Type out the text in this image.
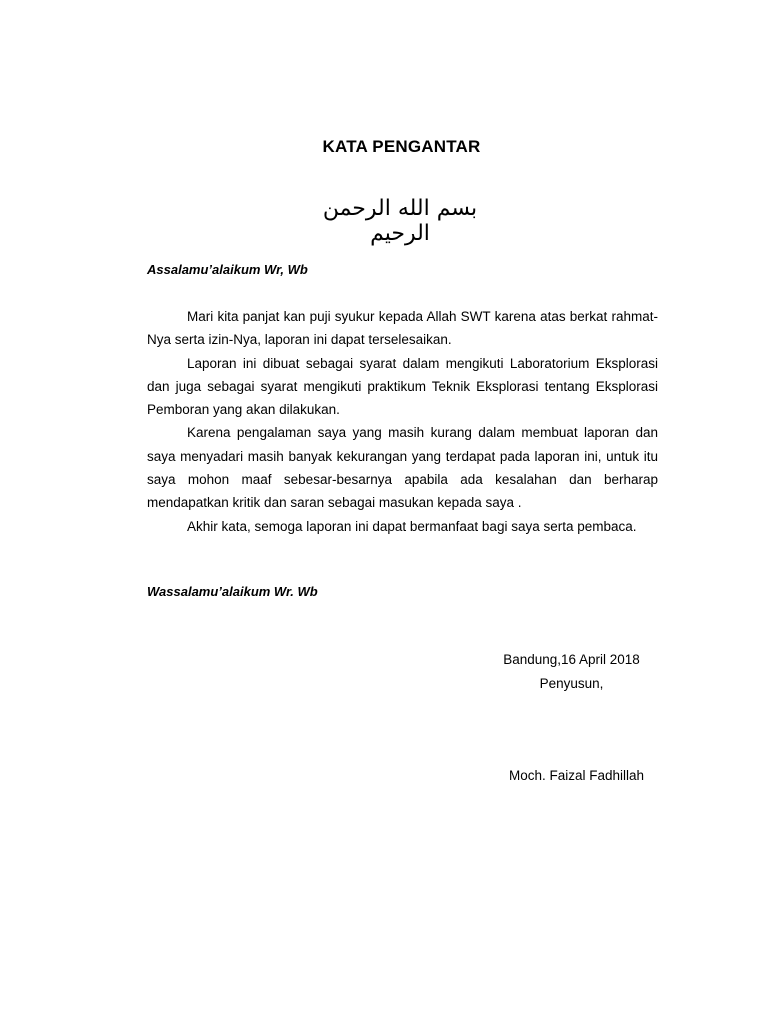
KATA PENGANTAR
بسم الله الرحمن الرحيم
Assalamu’alaikum Wr, Wb

Mari kita panjat kan puji syukur kepada Allah SWT karena atas berkat rahmat-Nya serta izin-Nya, laporan ini dapat terselesaikan.

Laporan ini dibuat sebagai syarat dalam mengikuti Laboratorium Eksplorasi dan juga sebagai syarat mengikuti praktikum Teknik Eksplorasi tentang Eksplorasi Pemboran yang akan dilakukan.

Karena pengalaman saya yang masih kurang dalam membuat laporan dan saya menyadari masih banyak kekurangan yang terdapat pada laporan ini, untuk itu saya mohon maaf sebesar-besarnya apabila ada kesalahan dan berharap mendapatkan kritik dan saran sebagai masukan kepada saya .

Akhir kata, semoga laporan ini dapat bermanfaat bagi saya serta pembaca.

Wassalamu’alaikum Wr. Wb
Bandung,16 April 2018
Penyusun,
Moch. Faizal Fadhillah
